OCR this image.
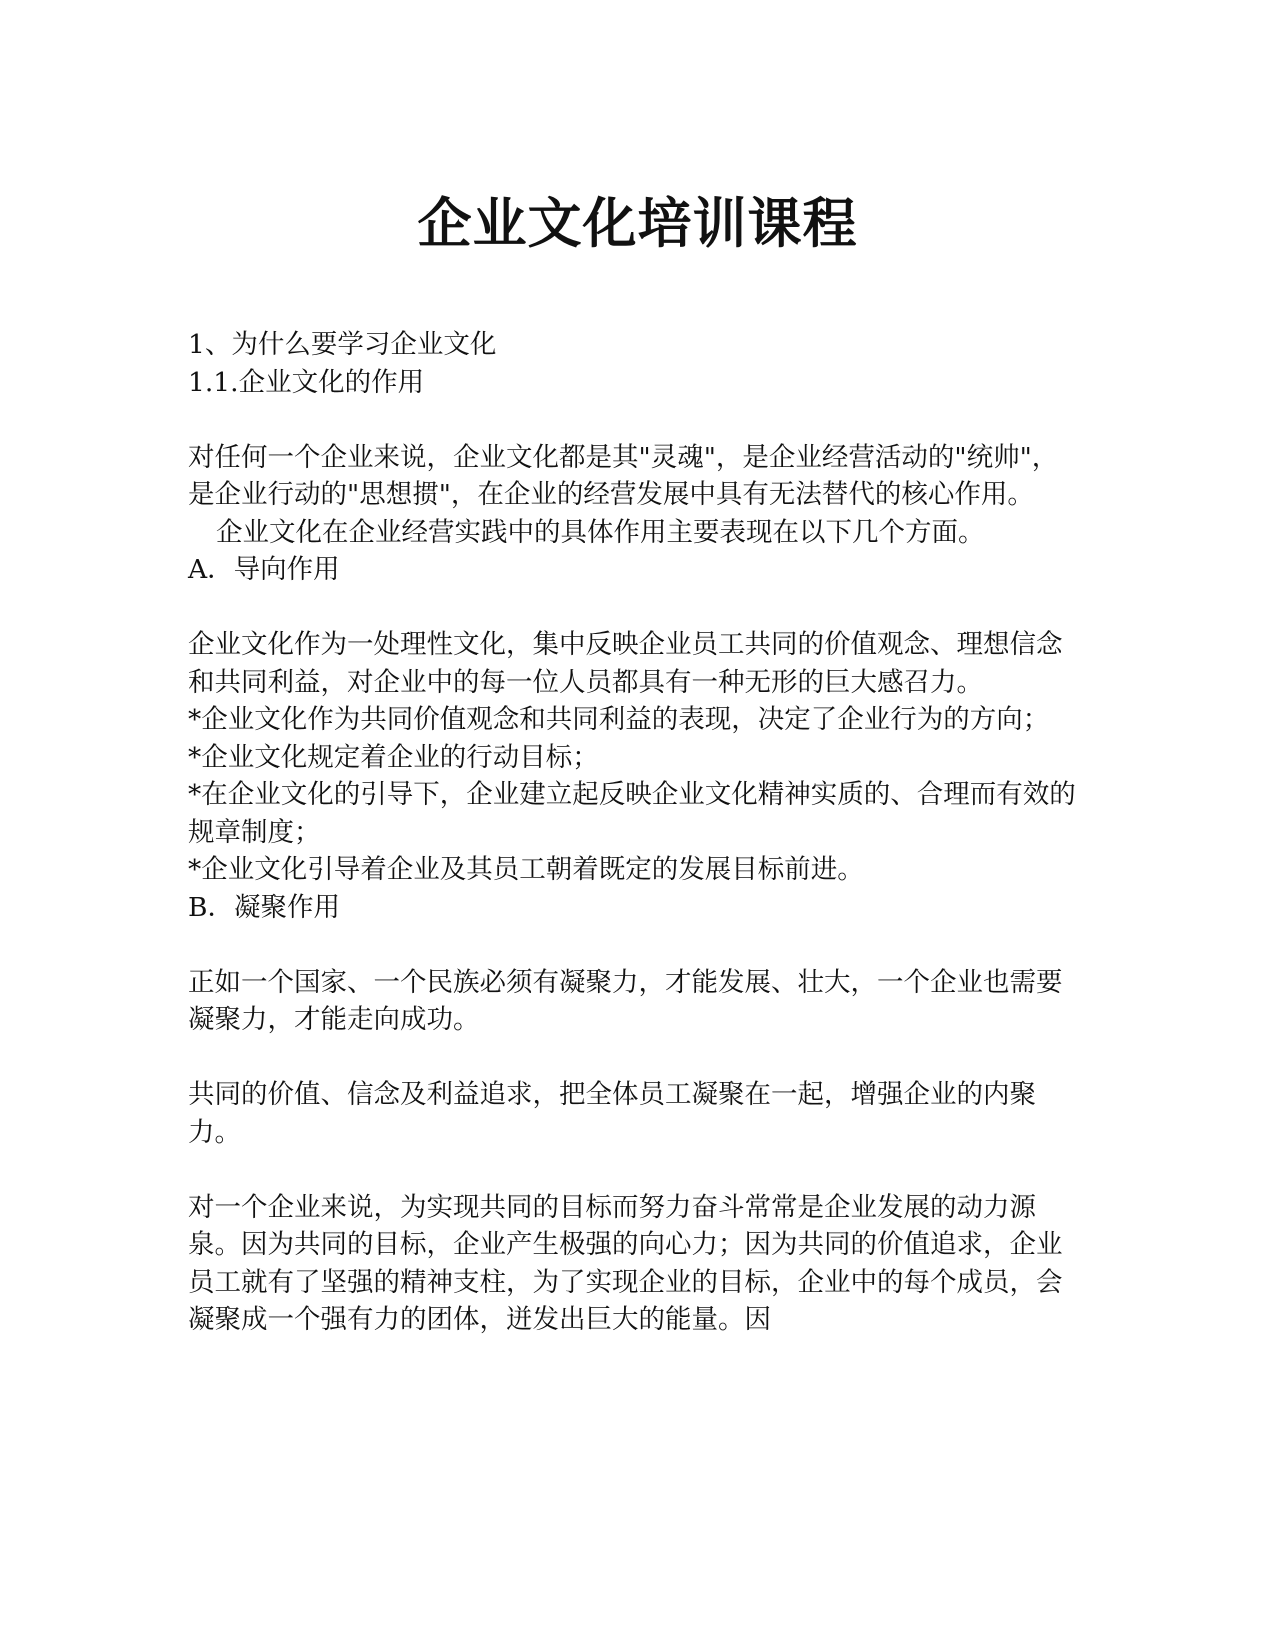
企业文化培训课程

1、为什么要学习企业文化

1.1.企业文化的作用

对任何一个企业来说，企业文化都是其"灵魂"，是企业经营活动的"统帅"，是企业行动的"思想掼"，在企业的经营发展中具有无法替代的核心作用。

企业文化在企业经营实践中的具体作用主要表现在以下几个方面。

A．导向作用

企业文化作为一处理性文化，集中反映企业员工共同的价值观念、理想信念和共同利益，对企业中的每一位人员都具有一种无形的巨大感召力。

*企业文化作为共同价值观念和共同利益的表现，决定了企业行为的方向；

*企业文化规定着企业的行动目标；

*在企业文化的引导下，企业建立起反映企业文化精神实质的、合理而有效的规章制度；

*企业文化引导着企业及其员工朝着既定的发展目标前进。

B．凝聚作用

正如一个国家、一个民族必须有凝聚力，才能发展、壮大，一个企业也需要凝聚力，才能走向成功。

共同的价值、信念及利益追求，把全体员工凝聚在一起，增强企业的内聚力。

对一个企业来说，为实现共同的目标而努力奋斗常常是企业发展的动力源泉。因为共同的目标，企业产生极强的向心力；因为共同的价值追求，企业员工就有了坚强的精神支柱，为了实现企业的目标，企业中的每个成员，会凝聚成一个强有力的团体，迸发出巨大的能量。因
